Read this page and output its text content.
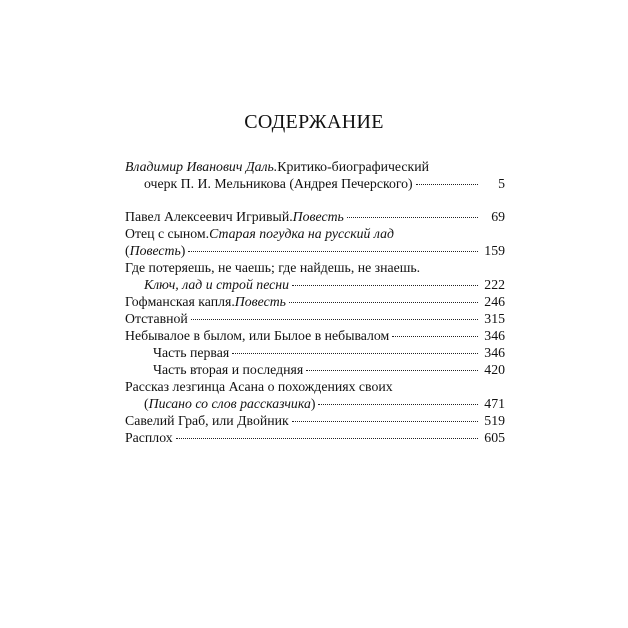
СОДЕРЖАНИЕ
Владимир Иванович Даль. Критико-биографический
очерк П. И. Мельникова (Андрея Печерского)	5
Павел Алексеевич Игривый. Повесть	69
Отец с сыном. Старая погудка на русский лад
( Повесть )	159
Где потеряешь, не чаешь; где найдешь, не знаешь.
Ключ, лад и строй песни	222
Гофманская капля. Повесть	246
Отставной	315
Небывалое в былом, или Былое в небывалом	346
Часть первая	346
Часть вторая и последняя	420
Рассказ лезгинца Асана о похождениях своих
( Писано со слов рассказчика )	471
Савелий Граб, или Двойник	519
Расплох	605
